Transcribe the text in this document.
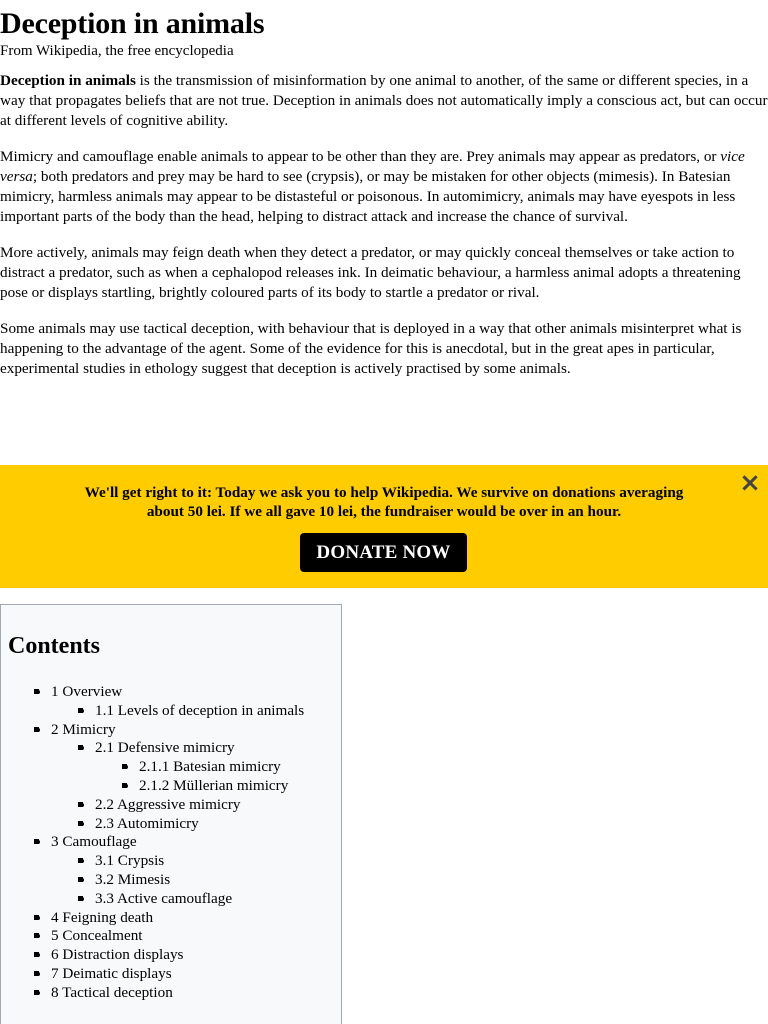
Deception in animals
From Wikipedia, the free encyclopedia

Deception in animals is the transmission of misinformation by one animal to another, of the same or different species, in a way that propagates beliefs that are not true. Deception in animals does not automatically imply a conscious act, but can occur at different levels of cognitive ability.

Mimicry and camouflage enable animals to appear to be other than they are. Prey animals may appear as predators, or vice versa; both predators and prey may be hard to see (crypsis), or may be mistaken for other objects (mimesis). In Batesian mimicry, harmless animals may appear to be distasteful or poisonous. In automimicry, animals may have eyespots in less important parts of the body than the head, helping to distract attack and increase the chance of survival.

More actively, animals may feign death when they detect a predator, or may quickly conceal themselves or take action to distract a predator, such as when a cephalopod releases ink. In deimatic behaviour, a harmless animal adopts a threatening pose or displays startling, brightly coloured parts of its body to startle a predator or rival.

Some animals may use tactical deception, with behaviour that is deployed in a way that other animals misinterpret what is happening to the advantage of the agent. Some of the evidence for this is anecdotal, but in the great apes in particular, experimental studies in ethology suggest that deception is actively practised by some animals.

We'll get right to it: Today we ask you to help Wikipedia. We survive on donations averaging
about 50 lei. If we all gave 10 lei, the fundraiser would be over in an hour.
×
DONATE NOW
Contents
• 1 Overview
• 1.1 Levels of deception in animals
• 2 Mimicry
• 2.1 Defensive mimicry
• 2.1.1 Batesian mimicry
• 2.1.2 Müllerian mimicry
• 2.2 Aggressive mimicry
• 2.3 Automimicry
• 3 Camouflage
• 3.1 Crypsis
• 3.2 Mimesis
• 3.3 Active camouflage
• 4 Feigning death
• 5 Concealment
• 6 Distraction displays
• 7 Deimatic displays
• 8 Tactical deception
